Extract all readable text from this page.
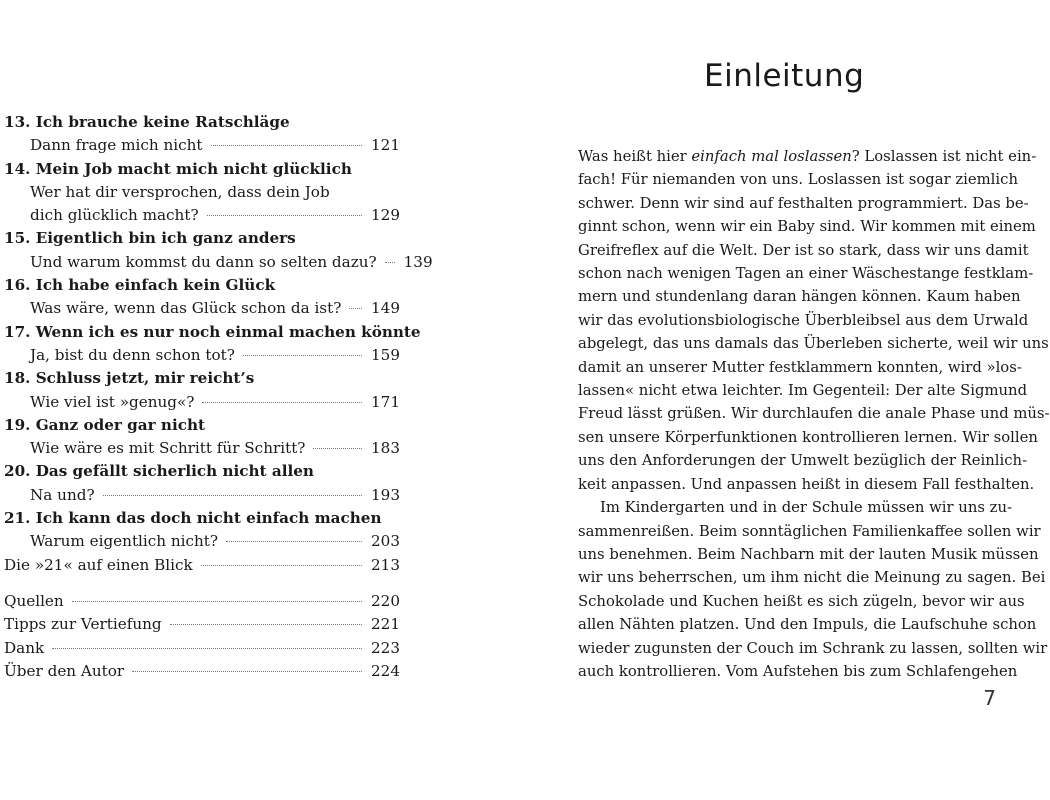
13. Ich brauche keine Ratschläge
Dann frage mich nicht	121
14. Mein Job macht mich nicht glücklich
Wer hat dir versprochen, dass dein Job
dich glücklich macht?	129
15. Eigentlich bin ich ganz anders
Und warum kommst du dann so selten dazu? 139
16. Ich habe einfach kein Glück
Was wäre, wenn das Glück schon da ist? 149
17. Wenn ich es nur noch einmal machen könnte
Ja, bist du denn schon tot?	159
18. Schluss jetzt, mir reicht’s
Wie viel ist »genug«?	171
19. Ganz oder gar nicht
Wie wäre es mit Schritt für Schritt?	183
20. Das gefällt sicherlich nicht allen
Na und?	193
21. Ich kann das doch nicht einfach machen
Warum eigentlich nicht?	203
Die »21« auf einen Blick	213
Quellen	220
Tipps zur Vertiefung	221
Dank	223
Über den Autor	224
Einleitung
Was heißt hier einfach mal loslassen? Loslassen ist nicht ein-
fach! Für niemanden von uns. Loslassen ist sogar ziemlich
schwer. Denn wir sind auf festhalten programmiert. Das be-
ginnt schon, wenn wir ein Baby sind. Wir kommen mit einem
Greifreflex auf die Welt. Der ist so stark, dass wir uns damit
schon nach wenigen Tagen an einer Wäschestange festklam-
mern und stundenlang daran hängen können. Kaum haben
wir das evolutionsbiologische Überbleibsel aus dem Urwald
abgelegt, das uns damals das Überleben sicherte, weil wir uns
damit an unserer Mutter festklammern konnten, wird »los-
lassen« nicht etwa leichter. Im Gegenteil: Der alte Sigmund
Freud lässt grüßen. Wir durchlaufen die anale Phase und müs-
sen unsere Körperfunktionen kontrollieren lernen. Wir sollen
uns den Anforderungen der Umwelt bezüglich der Reinlich-
keit anpassen. Und anpassen heißt in diesem Fall festhalten.
Im Kindergarten und in der Schule müssen wir uns zu-
sammenreißen. Beim sonntäglichen Familienkaffee sollen wir
uns benehmen. Beim Nachbarn mit der lauten Musik müssen
wir uns beherrschen, um ihm nicht die Meinung zu sagen. Bei
Schokolade und Kuchen heißt es sich zügeln, bevor wir aus
allen Nähten platzen. Und den Impuls, die Laufschuhe schon
wieder zugunsten der Couch im Schrank zu lassen, sollten wir
auch kontrollieren. Vom Aufstehen bis zum Schlafengehen
7
